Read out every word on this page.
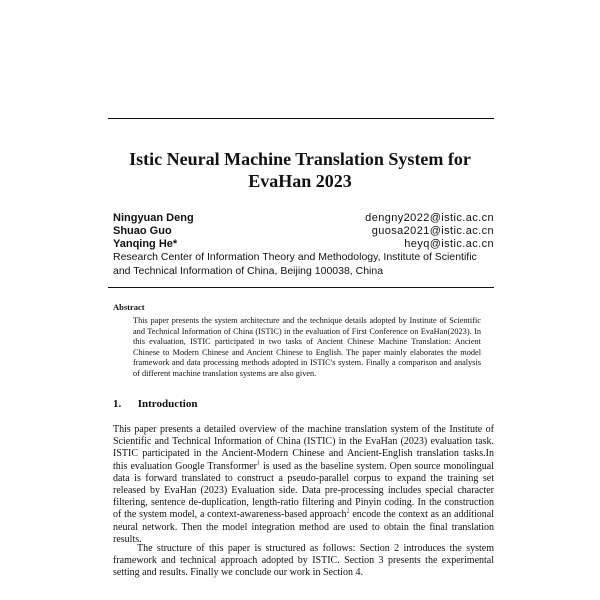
Istic Neural Machine Translation System for EvaHan 2023
Ningyuan Deng	dengny2022@istic.ac.cn
Shuao Guo	guosa2021@istic.ac.cn
Yanqing He*	heyq@istic.ac.cn
Research Center of Information Theory and Methodology, Institute of Scientific and Technical Information of China, Beijing 100038, China
Abstract
This paper presents the system architecture and the technique details adopted by Institute of Scientific and Technical Information of China (ISTIC) in the evaluation of First Conference on EvaHan(2023). In this evaluation, ISTIC participated in two tasks of Ancient Chinese Machine Translation: Ancient Chinese to Modern Chinese and Ancient Chinese to English. The paper mainly elaborates the model framework and data processing methods adopted in ISTIC's system. Finally a comparison and analysis of different machine translation systems are also given.
1. Introduction
This paper presents a detailed overview of the machine translation system of the Institute of Scientific and Technical Information of China (ISTIC) in the EvaHan (2023) evaluation task. ISTIC participated in the Ancient-Modern Chinese and Ancient-English translation tasks.In this evaluation Google Transformer$^1$ is used as the baseline system. Open source monolingual data is forward translated to construct a pseudo-parallel corpus to expand the training set released by EvaHan (2023) Evaluation side. Data pre-processing includes special character filtering, sentence de-duplication, length-ratio filtering and Pinyin coding. In the construction of the system model, a context-awareness-based approach$^2$ encode the context as an additional neural network. Then the model integration method are used to obtain the final translation results.
The structure of this paper is structured as follows: Section 2 introduces the system framework and technical approach adopted by ISTIC. Section 3 presents the experimental setting and results. Finally we conclude our work in Section 4.
